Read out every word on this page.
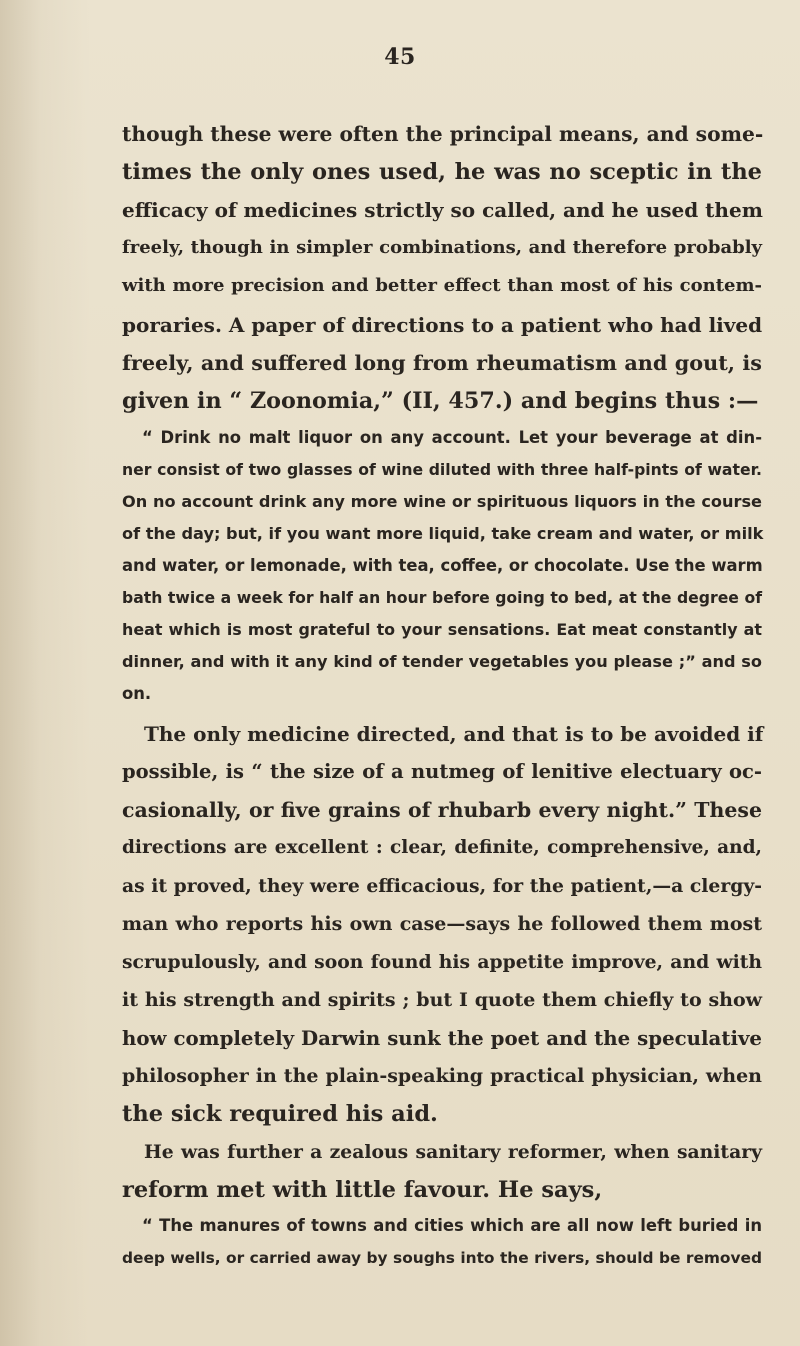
45
though these were often the principal means, and some-
times the only ones used, he was no sceptic in the
efficacy of medicines strictly so called, and he used them
freely, though in simpler combinations, and therefore probably
with more precision and better effect than most of his contem-
poraries. A paper of directions to a patient who had lived
freely, and suffered long from rheumatism and gout, is
given in “ Zoonomia,” (II, 457.) and begins thus :—
“ Drink no malt liquor on any account. Let your beverage at din-
ner consist of two glasses of wine diluted with three half-pints of water.
On no account drink any more wine or spirituous liquors in the course
of the day; but, if you want more liquid, take cream and water, or milk
and water, or lemonade, with tea, coffee, or chocolate. Use the warm
bath twice a week for half an hour before going to bed, at the degree of
heat which is most grateful to your sensations. Eat meat constantly at
dinner, and with it any kind of tender vegetables you please ;” and so
on.
The only medicine directed, and that is to be avoided if
possible, is “ the size of a nutmeg of lenitive electuary oc-
casionally, or five grains of rhubarb every night.” These
directions are excellent : clear, definite, comprehensive, and,
as it proved, they were efficacious, for the patient,—a clergy-
man who reports his own case—says he followed them most
scrupulously, and soon found his appetite improve, and with
it his strength and spirits ; but I quote them chiefly to show
how completely Darwin sunk the poet and the speculative
philosopher in the plain-speaking practical physician, when
the sick required his aid.
He was further a zealous sanitary reformer, when sanitary
reform met with little favour. He says,
“ The manures of towns and cities which are all now left buried in
deep wells, or carried away by soughs into the rivers, should be removed
